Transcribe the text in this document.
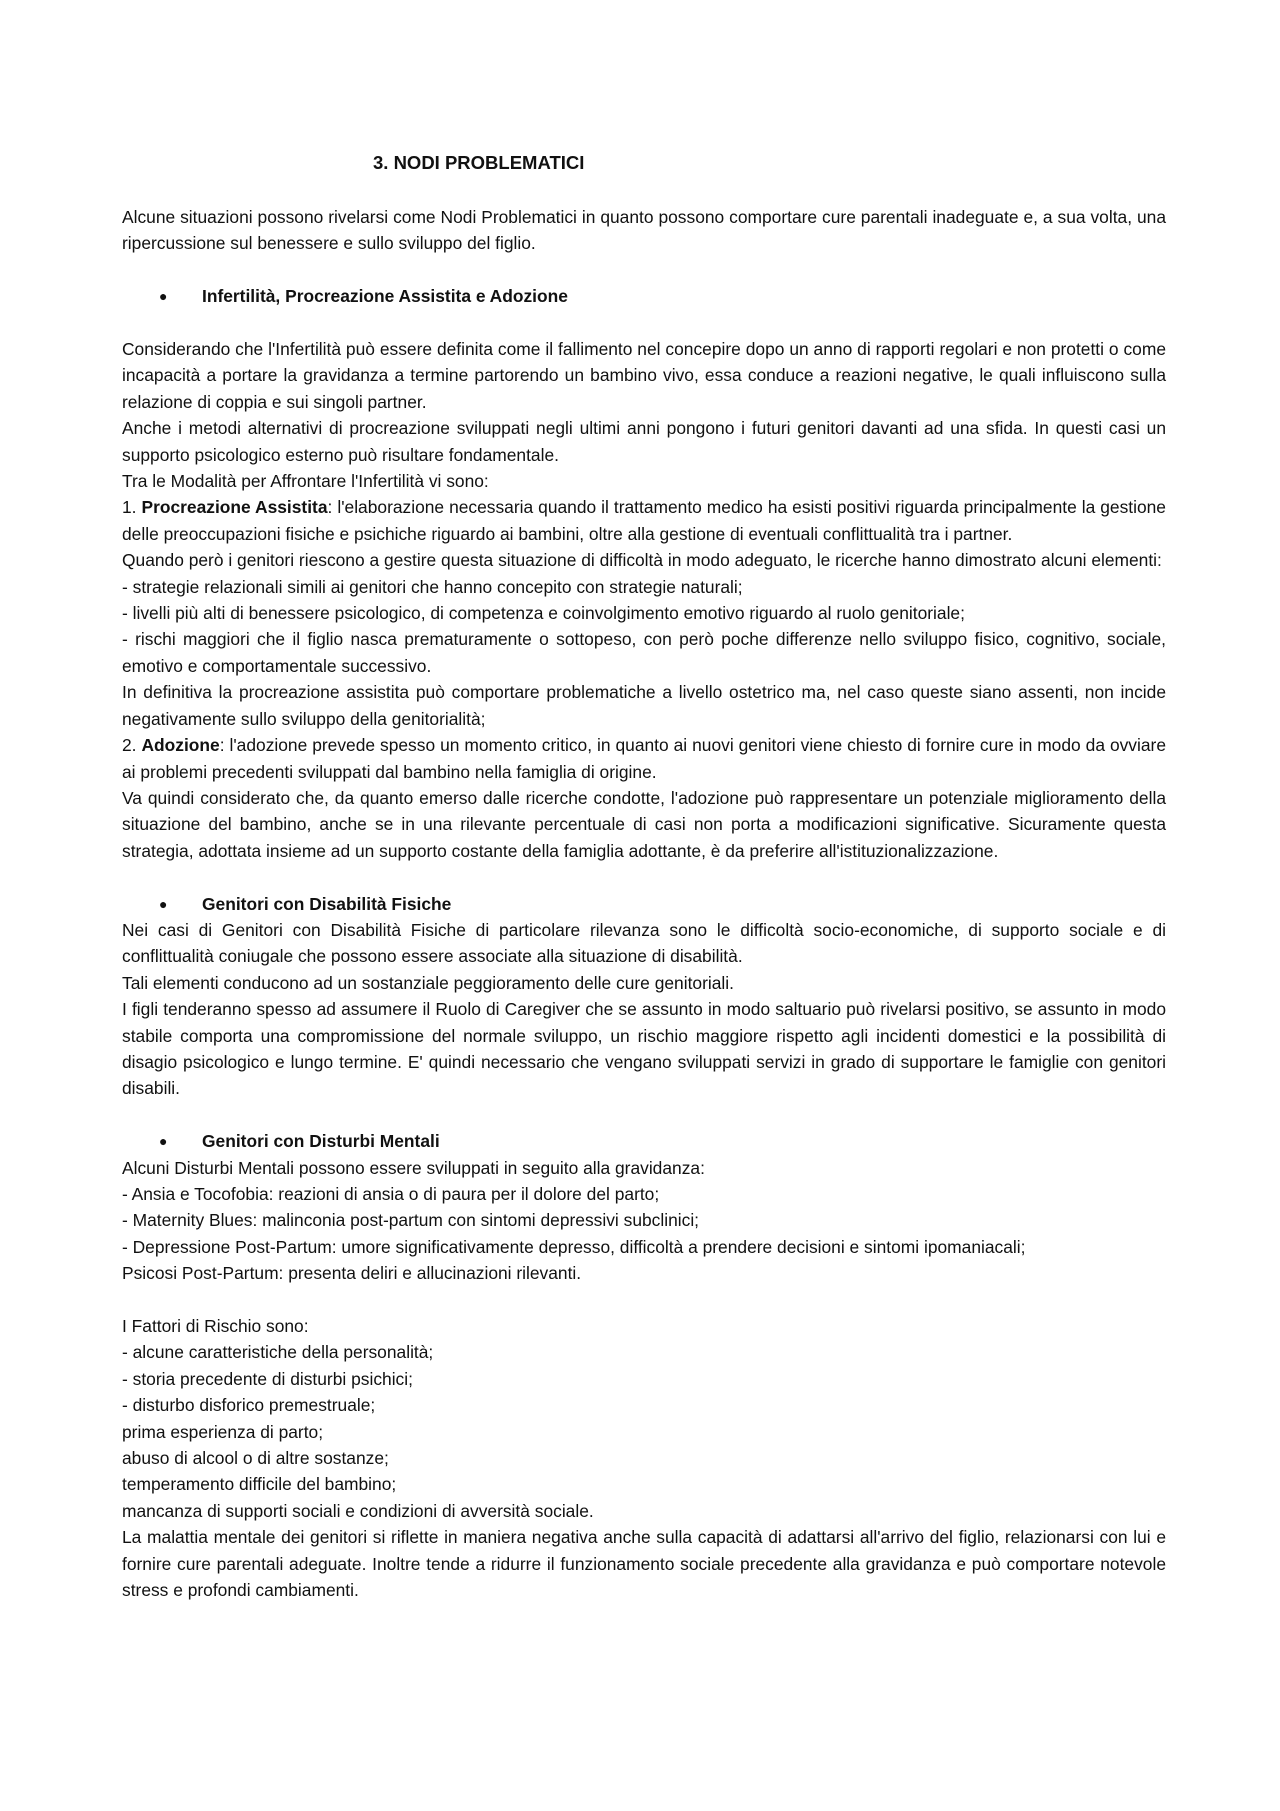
3. NODI PROBLEMATICI

Alcune situazioni possono rivelarsi come Nodi Problematici in quanto possono comportare cure parentali inadeguate e, a sua volta, una ripercussione sul benessere e sullo sviluppo del figlio.

●	Infertilità, Procreazione Assistita e Adozione

Considerando che l'Infertilità può essere definita come il fallimento nel concepire dopo un anno di rapporti regolari e non protetti o come incapacità a portare la gravidanza a termine partorendo un bambino vivo, essa conduce a reazioni negative, le quali influiscono sulla relazione di coppia e sui singoli partner.

Anche i metodi alternativi di procreazione sviluppati negli ultimi anni pongono i futuri genitori davanti ad una sfida. In questi casi un supporto psicologico esterno può risultare fondamentale.

Tra le Modalità per Affrontare l'Infertilità vi sono:

1. Procreazione Assistita: l'elaborazione necessaria quando il trattamento medico ha esisti positivi riguarda principalmente la gestione delle preoccupazioni fisiche e psichiche riguardo ai bambini, oltre alla gestione di eventuali conflittualità tra i partner.

Quando però i genitori riescono a gestire questa situazione di difficoltà in modo adeguato, le ricerche hanno dimostrato alcuni elementi:

- strategie relazionali simili ai genitori che hanno concepito con strategie naturali;

- livelli più alti di benessere psicologico, di competenza e coinvolgimento emotivo riguardo al ruolo genitoriale;

- rischi maggiori che il figlio nasca prematuramente o sottopeso, con però poche differenze nello sviluppo fisico, cognitivo, sociale, emotivo e comportamentale successivo.

In definitiva la procreazione assistita può comportare problematiche a livello ostetrico ma, nel caso queste siano assenti, non incide negativamente sullo sviluppo della genitorialità;

2. Adozione: l'adozione prevede spesso un momento critico, in quanto ai nuovi genitori viene chiesto di fornire cure in modo da ovviare ai problemi precedenti sviluppati dal bambino nella famiglia di origine.

Va quindi considerato che, da quanto emerso dalle ricerche condotte, l'adozione può rappresentare un potenziale miglioramento della situazione del bambino, anche se in una rilevante percentuale di casi non porta a modificazioni significative. Sicuramente questa strategia, adottata insieme ad un supporto costante della famiglia adottante, è da preferire all'istituzionalizzazione.

●	Genitori con Disabilità Fisiche

Nei casi di Genitori con Disabilità Fisiche di particolare rilevanza sono le difficoltà socio-economiche, di supporto sociale e di conflittualità coniugale che possono essere associate alla situazione di disabilità.

Tali elementi conducono ad un sostanziale peggioramento delle cure genitoriali.

I figli tenderanno spesso ad assumere il Ruolo di Caregiver che se assunto in modo saltuario può rivelarsi positivo, se assunto in modo stabile comporta una compromissione del normale sviluppo, un rischio maggiore rispetto agli incidenti domestici e la possibilità di disagio psicologico e lungo termine. E' quindi necessario che vengano sviluppati servizi in grado di supportare le famiglie con genitori disabili.

●	Genitori con Disturbi Mentali

Alcuni Disturbi Mentali possono essere sviluppati in seguito alla gravidanza:

- Ansia e Tocofobia: reazioni di ansia o di paura per il dolore del parto;

- Maternity Blues: malinconia post-partum con sintomi depressivi subclinici;

- Depressione Post-Partum: umore significativamente depresso, difficoltà a prendere decisioni e sintomi ipomaniacali;

Psicosi Post-Partum: presenta deliri e allucinazioni rilevanti.

I Fattori di Rischio sono:

- alcune caratteristiche della personalità;

- storia precedente di disturbi psichici;

- disturbo disforico premestruale;

prima esperienza di parto;

abuso di alcool o di altre sostanze;

temperamento difficile del bambino;

mancanza di supporti sociali e condizioni di avversità sociale.

La malattia mentale dei genitori si riflette in maniera negativa anche sulla capacità di adattarsi all'arrivo del figlio, relazionarsi con lui e fornire cure parentali adeguate. Inoltre tende a ridurre il funzionamento sociale precedente alla gravidanza e può comportare notevole stress e profondi cambiamenti.
